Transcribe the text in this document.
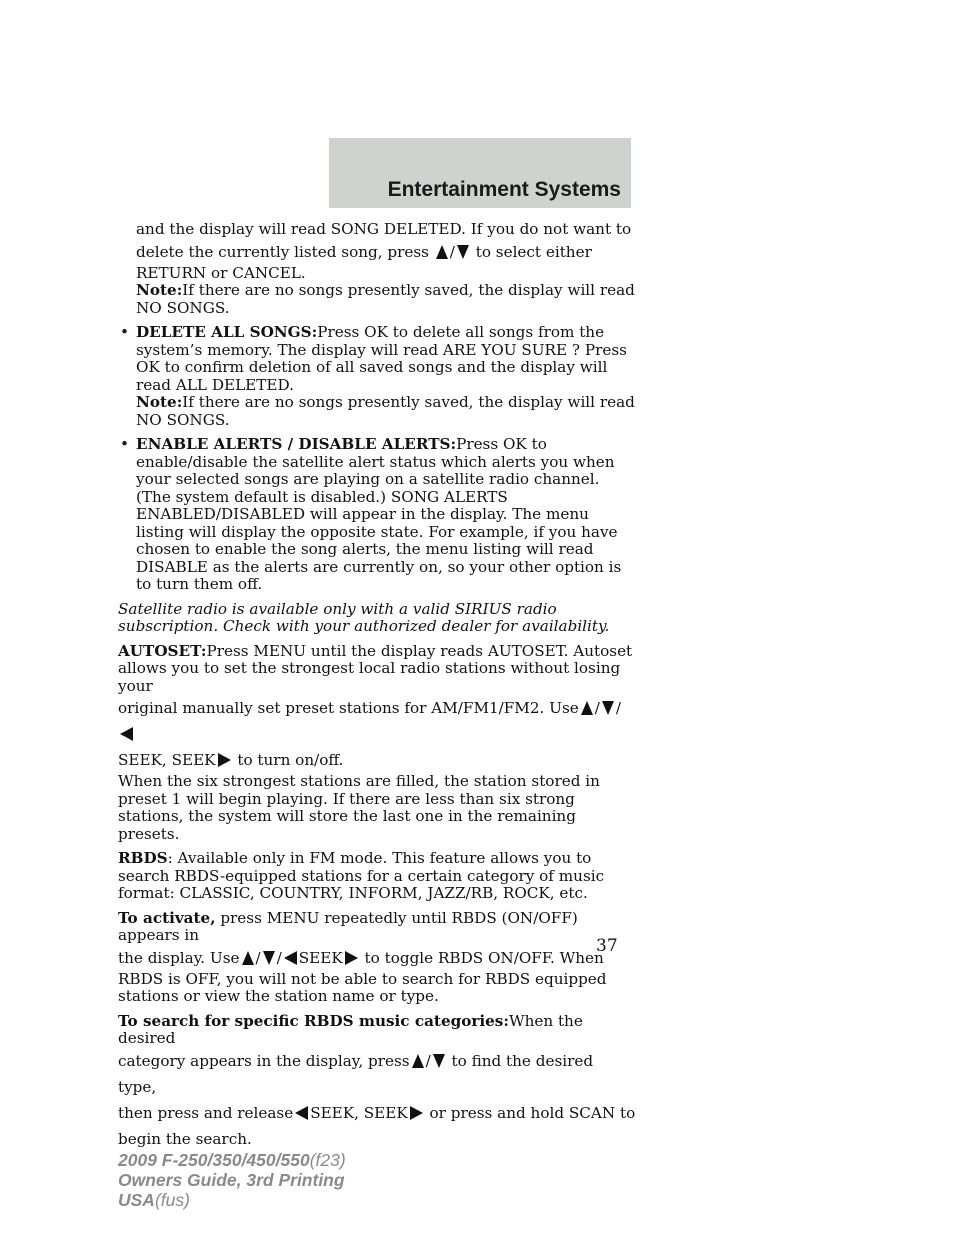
Entertainment Systems
and the display will read SONG DELETED. If you do not want to
delete the currently listed song, press / to select either
RETURN or CANCEL.

Note:If there are no songs presently saved, the display will read NO SONGS.

• DELETE ALL SONGS:Press OK to delete all songs from the system’s memory. The display will read ARE YOU SURE ? Press OK to confirm deletion of all saved songs and the display will read ALL DELETED.
Note:If there are no songs presently saved, the display will read NO SONGS.
• ENABLE ALERTS / DISABLE ALERTS:Press OK to enable/disable the satellite alert status which alerts you when your selected songs are playing on a satellite radio channel. (The system default is disabled.) SONG ALERTS ENABLED/DISABLED will appear in the display. The menu listing will display the opposite state. For example, if you have chosen to enable the song alerts, the menu listing will read DISABLE as the alerts are currently on, so your other option is to turn them off.

Satellite radio is available only with a valid SIRIUS radio subscription. Check with your authorized dealer for availability.

AUTOSET:Press MENU until the display reads AUTOSET. Autoset allows you to set the strongest local radio stations without losing your
original manually set preset stations for AM/FM1/FM2. Use / /
SEEK, SEEK to turn on/off.
When the six strongest stations are filled, the station stored in preset 1 will begin playing. If there are less than six strong stations, the system will store the last one in the remaining presets.

RBDS: Available only in FM mode. This feature allows you to search RBDS-equipped stations for a certain category of music format: CLASSIC, COUNTRY, INFORM, JAZZ/RB, ROCK, etc.

To activate, press MENU repeatedly until RBDS (ON/OFF) appears in
the display. Use / / SEEK to toggle RBDS ON/OFF. When
RBDS is OFF, you will not be able to search for RBDS equipped stations or view the station name or type.
To search for specific RBDS music categories:When the desired
category appears in the display, press / to find the desired type,
then press and release SEEK, SEEK or press and hold SCAN to
begin the search.
37
2009 F-250/350/450/550(f23)
Owners Guide, 3rd Printing
USA(fus)
